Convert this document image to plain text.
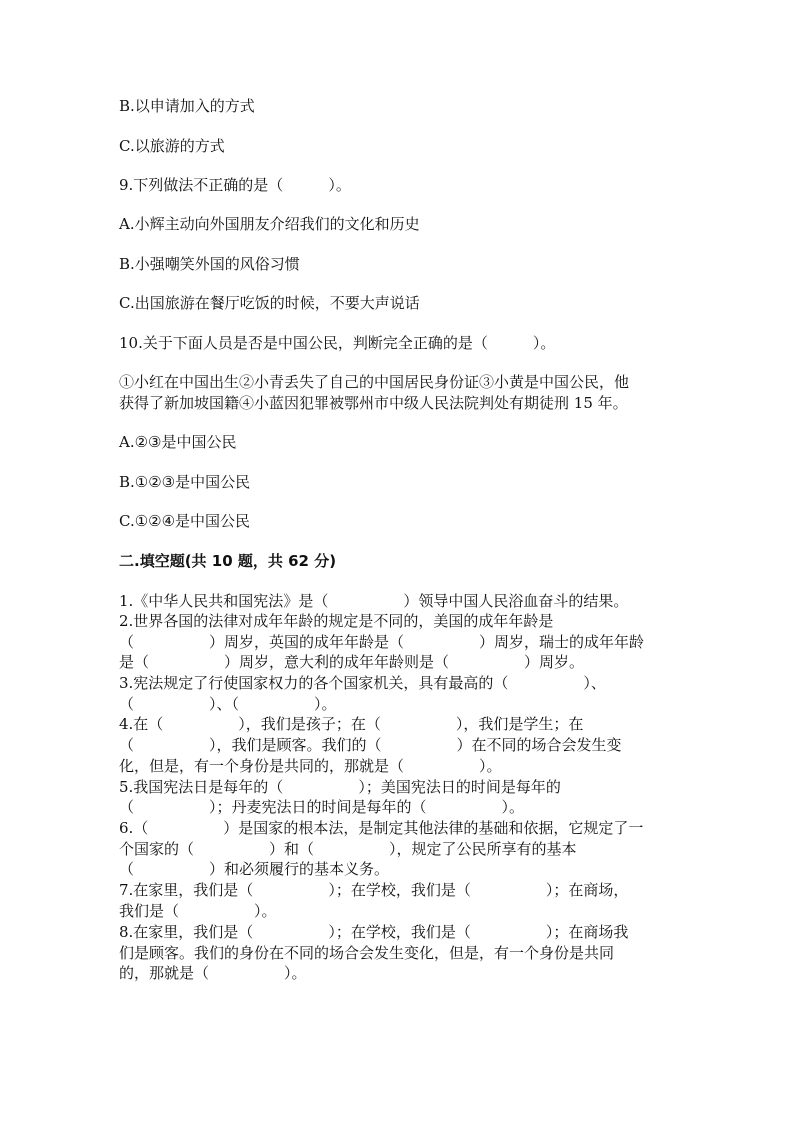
B.以申请加入的方式
C.以旅游的方式
9.下列做法不正确的是（　　　）。
A.小辉主动向外国朋友介绍我们的文化和历史
B.小强嘲笑外国的风俗习惯
C.出国旅游在餐厅吃饭的时候，不要大声说话
10.关于下面人员是否是中国公民，判断完全正确的是（　　　）。
①小红在中国出生②小青丢失了自己的中国居民身份证③小黄是中国公民，他
获得了新加坡国籍④小蓝因犯罪被鄂州市中级人民法院判处有期徒刑 15 年。
A.②③是中国公民
B.①②③是中国公民
C.①②④是中国公民
二.填空题(共 10 题，共 62 分)
1.《中华人民共和国宪法》是（　　　　　）领导中国人民浴血奋斗的结果。
2.世界各国的法律对成年年龄的规定是不同的，美国的成年年龄是
（　　　　　）周岁，英国的成年年龄是（　　　　　）周岁，瑞士的成年年龄
是（　　　　　）周岁，意大利的成年年龄则是（　　　　　）周岁。
3.宪法规定了行使国家权力的各个国家机关，具有最高的（　　　　　）、
（　　　　　）、（　　　　　）。
4.在（　　　　　），我们是孩子；在（　　　　　），我们是学生；在
（　　　　　），我们是顾客。我们的（　　　　　）在不同的场合会发生变
化，但是，有一个身份是共同的，那就是（　　　　　）。
5.我国宪法日是每年的（　　　　　）；美国宪法日的时间是每年的
（　　　　　）；丹麦宪法日的时间是每年的（　　　　　）。
6.（　　　　　）是国家的根本法，是制定其他法律的基础和依据，它规定了一
个国家的（　　　　　）和（　　　　　），规定了公民所享有的基本
（　　　　　）和必须履行的基本义务。
7.在家里，我们是（　　　　　）；在学校，我们是（　　　　　）；在商场，
我们是（　　　　　）。
8.在家里，我们是（　　　　　）；在学校，我们是（　　　　　）；在商场我
们是顾客。我们的身份在不同的场合会发生变化，但是，有一个身份是共同
的，那就是（　　　　　）。
